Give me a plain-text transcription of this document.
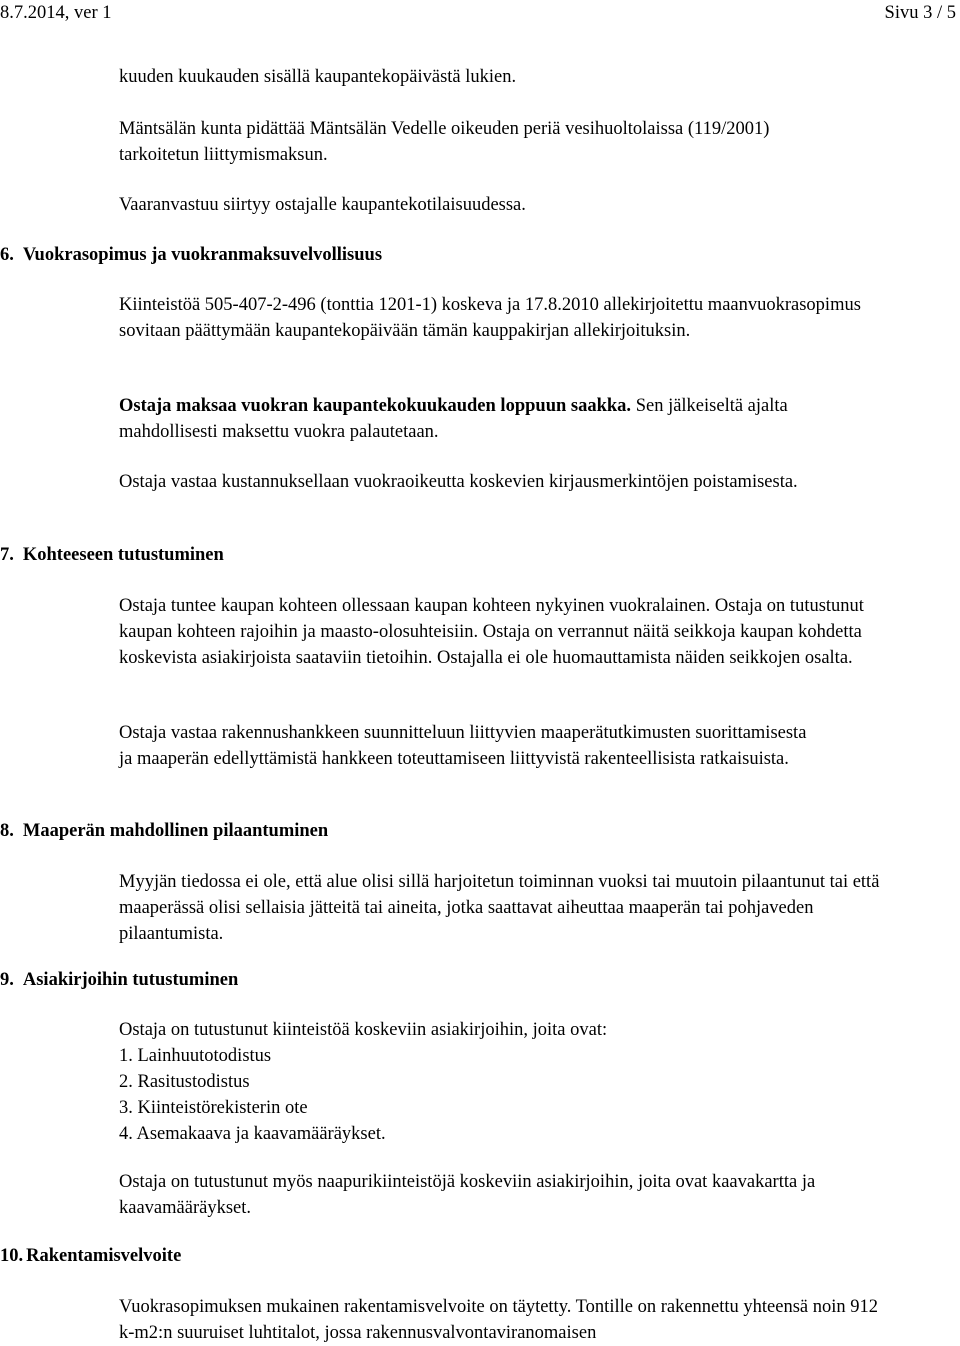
8.7.2014, ver 1	Sivu 3 / 5

kuuden kuukauden sisällä kaupantekopäivästä lukien.

Mäntsälän kunta pidättää Mäntsälän Vedelle oikeuden periä vesihuoltolaissa (119/2001) tarkoitetun liittymismaksun.

Vaaranvastuu siirtyy ostajalle kaupantekotilaisuudessa.

6. Vuokrasopimus ja vuokranmaksuvelvollisuus

Kiinteistöä 505-407-2-496 (tonttia 1201-1) koskeva ja 17.8.2010 allekirjoitettu maanvuokrasopimus sovitaan päättymään kaupantekopäivään tämän kauppakirjan allekirjoituksin.

Ostaja maksaa vuokran kaupantekokuukauden loppuun saakka. Sen jälkeiseltä ajalta mahdollisesti maksettu vuokra palautetaan.

Ostaja vastaa kustannuksellaan vuokraoikeutta koskevien kirjausmerkintöjen poistamisesta.

7. Kohteeseen tutustuminen

Ostaja tuntee kaupan kohteen ollessaan kaupan kohteen nykyinen vuokralainen. Ostaja on tutustunut kaupan kohteen rajoihin ja maasto-olosuhteisiin. Ostaja on verrannut näitä seikkoja kaupan kohdetta koskevista asiakirjoista saataviin tietoihin. Ostajalla ei ole huomauttamista näiden seikkojen osalta.

Ostaja vastaa rakennushankkeen suunnitteluun liittyvien maaperätutkimusten suorittamisesta ja maaperän edellyttämistä hankkeen toteuttamiseen liittyvistä rakenteellisista ratkaisuista.

8. Maaperän mahdollinen pilaantuminen

Myyjän tiedossa ei ole, että alue olisi sillä harjoitetun toiminnan vuoksi tai muutoin pilaantunut tai että maaperässä olisi sellaisia jätteitä tai aineita, jotka saattavat aiheuttaa maaperän tai pohjaveden pilaantumista.

9. Asiakirjoihin tutustuminen

Ostaja on tutustunut kiinteistöä koskeviin asiakirjoihin, joita ovat:
1. Lainhuutotodistus
2. Rasitustodistus
3. Kiinteistörekisterin ote
4. Asemakaava ja kaavamääräykset.

Ostaja on tutustunut myös naapurikiinteistöjä koskeviin asiakirjoihin, joita ovat kaavakartta ja kaavamääräykset.

10. Rakentamisvelvoite

Vuokrasopimuksen mukainen rakentamisvelvoite on täytetty. Tontille on rakennettu yhteensä noin 912 k-m2:n suuruiset luhtitalot, jossa rakennusvalvontaviranomaisen
